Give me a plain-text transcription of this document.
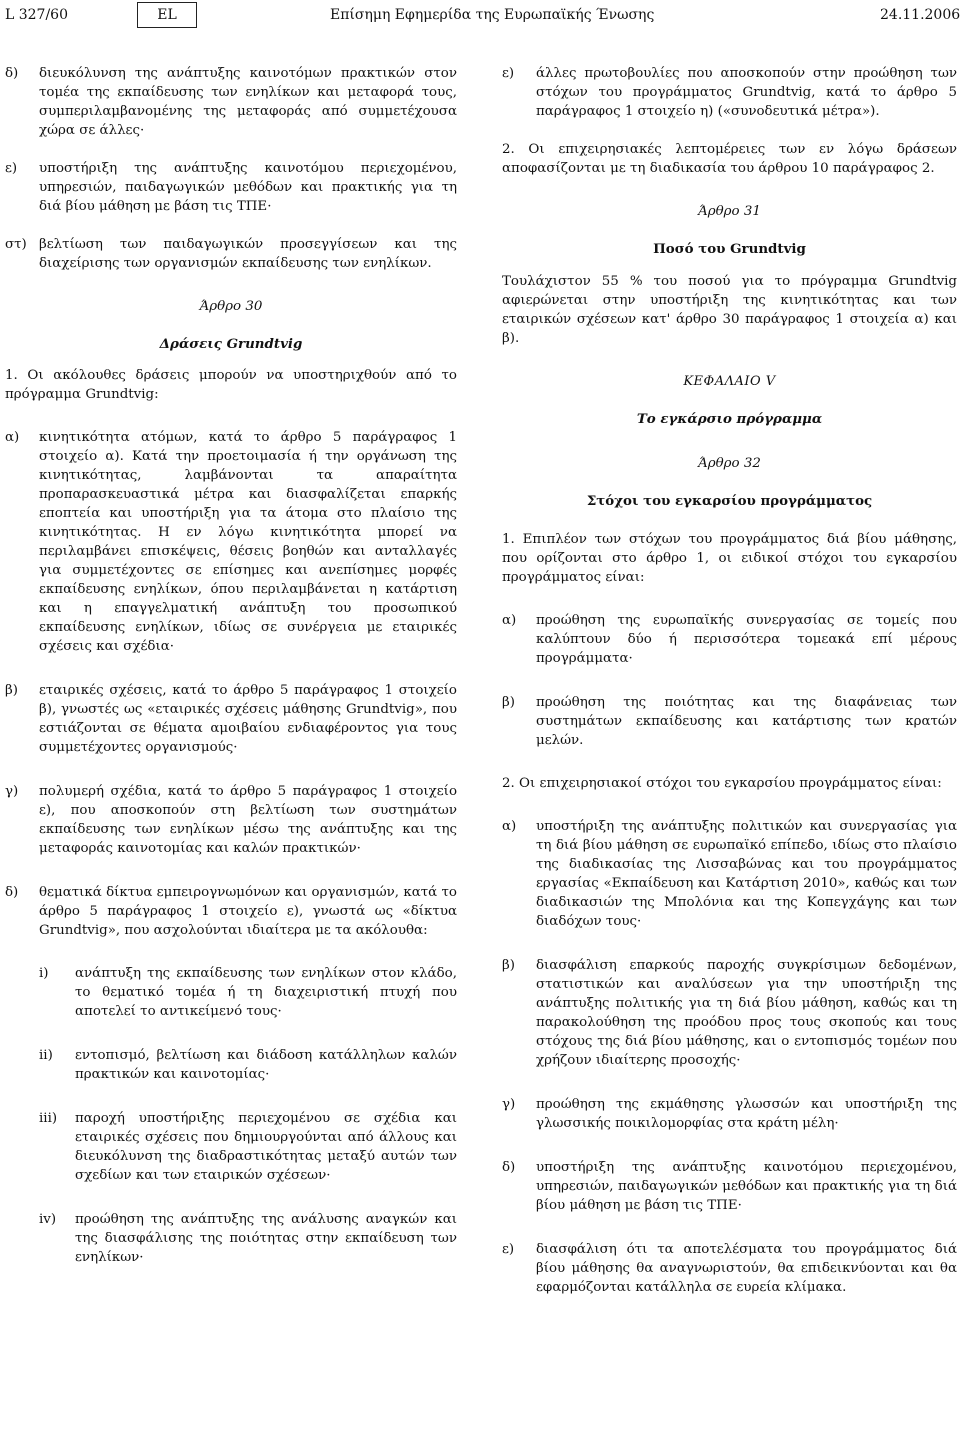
L 327/60	EL	Επίσημη Εφημερίδα της Ευρωπαϊκής Ένωσης	24.11.2006
δ) διευκόλυνση της ανάπτυξης καινοτόμων πρακτικών στον τομέα της εκπαίδευσης των ενηλίκων και μεταφορά τους, συμπεριλαμβανομένης της μεταφοράς από συμμετέχουσα χώρα σε άλλες·
ε) υποστήριξη της ανάπτυξης καινοτόμου περιεχομένου, υπηρεσιών, παιδαγωγικών μεθόδων και πρακτικής για τη διά βίου μάθηση με βάση τις ΤΠΕ·
στ) βελτίωση των παιδαγωγικών προσεγγίσεων και της διαχείρισης των οργανισμών εκπαίδευσης των ενηλίκων.
Άρθρο 30
Δράσεις Grundtvig
1. Οι ακόλουθες δράσεις μπορούν να υποστηριχθούν από το πρόγραμμα Grundtvig:
α) κινητικότητα ατόμων, κατά το άρθρο 5 παράγραφος 1 στοιχείο α). Κατά την προετοιμασία ή την οργάνωση της κινητικότητας, λαμβάνονται τα απαραίτητα προπαρασκευαστικά μέτρα και διασφαλίζεται επαρκής εποπτεία και υποστήριξη για τα άτομα στο πλαίσιο της κινητικότητας. Η εν λόγω κινητικότητα μπορεί να περιλαμβάνει επισκέψεις, θέσεις βοηθών και ανταλλαγές για συμμετέχοντες σε επίσημες και ανεπίσημες μορφές εκπαίδευσης ενηλίκων, όπου περιλαμβάνεται η κατάρτιση και η επαγγελματική ανάπτυξη του προσωπικού εκπαίδευσης ενηλίκων, ιδίως σε συνέργεια με εταιρικές σχέσεις και σχέδια·
β) εταιρικές σχέσεις, κατά το άρθρο 5 παράγραφος 1 στοιχείο β), γνωστές ως «εταιρικές σχέσεις μάθησης Grundtvig», που εστιάζονται σε θέματα αμοιβαίου ενδιαφέροντος για τους συμμετέχοντες οργανισμούς·
γ) πολυμερή σχέδια, κατά το άρθρο 5 παράγραφος 1 στοιχείο ε), που αποσκοπούν στη βελτίωση των συστημάτων εκπαίδευσης των ενηλίκων μέσω της ανάπτυξης και της μεταφοράς καινοτομίας και καλών πρακτικών·
δ) θεματικά δίκτυα εμπειρογνωμόνων και οργανισμών, κατά το άρθρο 5 παράγραφος 1 στοιχείο ε), γνωστά ως «δίκτυα Grundtvig», που ασχολούνται ιδιαίτερα με τα ακόλουθα:
i) ανάπτυξη της εκπαίδευσης των ενηλίκων στον κλάδο, το θεματικό τομέα ή τη διαχειριστική πτυχή που αποτελεί το αντικείμενό τους·
ii) εντοπισμό, βελτίωση και διάδοση κατάλληλων καλών πρακτικών και καινοτομίας·
iii) παροχή υποστήριξης περιεχομένου σε σχέδια και εταιρικές σχέσεις που δημιουργούνται από άλλους και διευκόλυνση της διαδραστικότητας μεταξύ αυτών των σχεδίων και των εταιρικών σχέσεων·
iv) προώθηση της ανάπτυξης της ανάλυσης αναγκών και της διασφάλισης της ποιότητας στην εκπαίδευση των ενηλίκων·
ε) άλλες πρωτοβουλίες που αποσκοπούν στην προώθηση των στόχων του προγράμματος Grundtvig, κατά το άρθρο 5 παράγραφος 1 στοιχείο η) («συνοδευτικά μέτρα»).
2. Οι επιχειρησιακές λεπτομέρειες των εν λόγω δράσεων αποφασίζονται με τη διαδικασία του άρθρου 10 παράγραφος 2.
Άρθρο 31
Ποσό του Grundtvig
Τουλάχιστον 55 % του ποσού για το πρόγραμμα Grundtvig αφιερώνεται στην υποστήριξη της κινητικότητας και των εταιρικών σχέσεων κατ' άρθρο 30 παράγραφος 1 στοιχεία α) και β).
ΚΕΦΑΛΑΙΟ V
Το εγκάρσιο πρόγραμμα
Άρθρο 32
Στόχοι του εγκαρσίου προγράμματος
1. Επιπλέον των στόχων του προγράμματος διά βίου μάθησης, που ορίζονται στο άρθρο 1, οι ειδικοί στόχοι του εγκαρσίου προγράμματος είναι:
α) προώθηση της ευρωπαϊκής συνεργασίας σε τομείς που καλύπτουν δύο ή περισσότερα τομεακά επί μέρους προγράμματα·
β) προώθηση της ποιότητας και της διαφάνειας των συστημάτων εκπαίδευσης και κατάρτισης των κρατών μελών.
2. Οι επιχειρησιακοί στόχοι του εγκαρσίου προγράμματος είναι:
α) υποστήριξη της ανάπτυξης πολιτικών και συνεργασίας για τη διά βίου μάθηση σε ευρωπαϊκό επίπεδο, ιδίως στο πλαίσιο της διαδικασίας της Λισσαβώνας και του προγράμματος εργασίας «Εκπαίδευση και Κατάρτιση 2010», καθώς και των διαδικασιών της Μπολόνια και της Κοπεγχάγης και των διαδόχων τους·
β) διασφάλιση επαρκούς παροχής συγκρίσιμων δεδομένων, στατιστικών και αναλύσεων για την υποστήριξη της ανάπτυξης πολιτικής για τη διά βίου μάθηση, καθώς και τη παρακολούθηση της προόδου προς τους σκοπούς και τους στόχους της διά βίου μάθησης, και ο εντοπισμός τομέων που χρήζουν ιδιαίτερης προσοχής·
γ) προώθηση της εκμάθησης γλωσσών και υποστήριξη της γλωσσικής ποικιλομορφίας στα κράτη μέλη·
δ) υποστήριξη της ανάπτυξης καινοτόμου περιεχομένου, υπηρεσιών, παιδαγωγικών μεθόδων και πρακτικής για τη διά βίου μάθηση με βάση τις ΤΠΕ·
ε) διασφάλιση ότι τα αποτελέσματα του προγράμματος διά βίου μάθησης θα αναγνωριστούν, θα επιδεικνύονται και θα εφαρμόζονται κατάλληλα σε ευρεία κλίμακα.
